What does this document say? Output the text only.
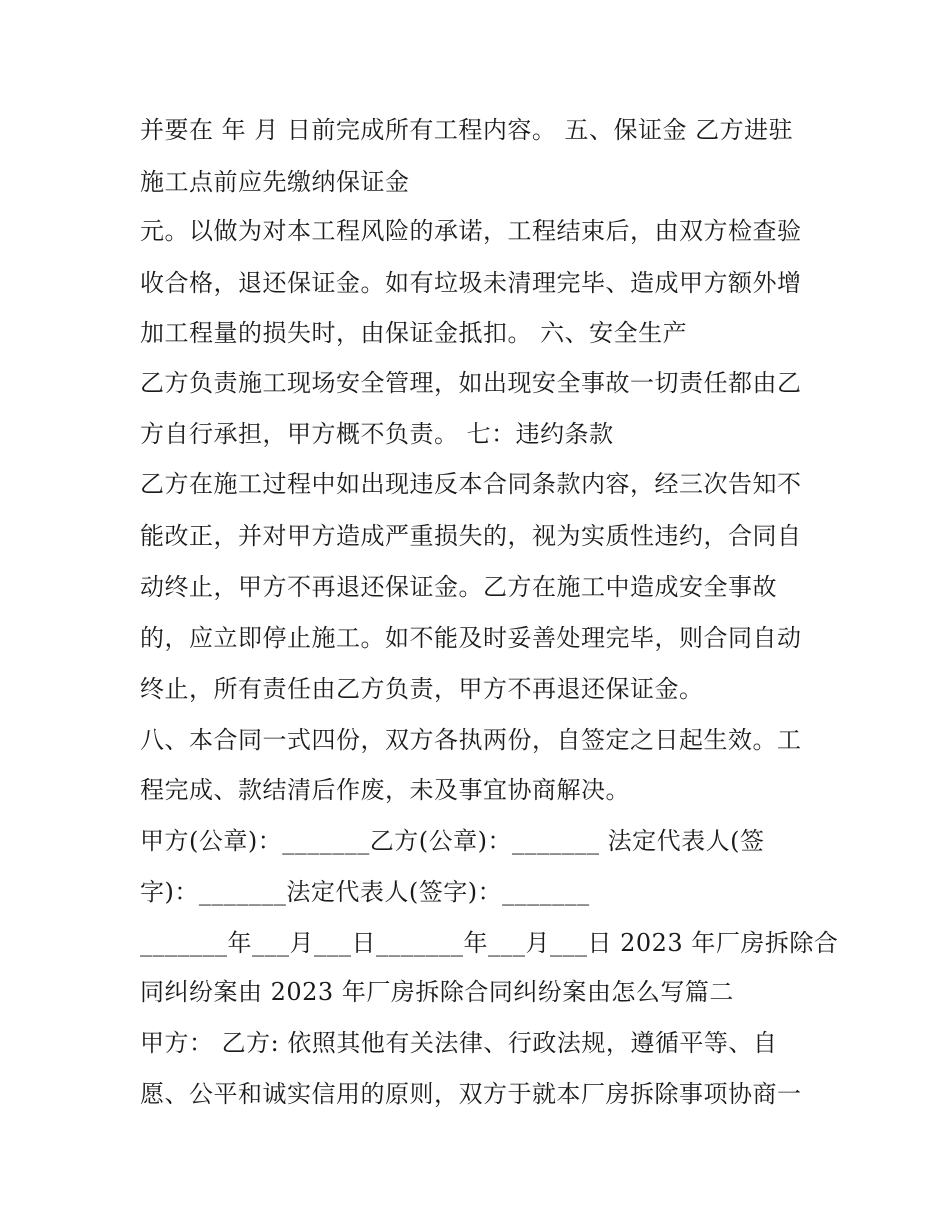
并要在 年 月 日前完成所有工程内容。 五、保证金 乙方进驻
施工点前应先缴纳保证金
元。以做为对本工程风险的承诺，工程结束后，由双方检查验
收合格，退还保证金。如有垃圾未清理完毕、造成甲方额外增
加工程量的损失时，由保证金抵扣。 六、安全生产
乙方负责施工现场安全管理，如出现安全事故一切责任都由乙
方自行承担，甲方概不负责。 七：违约条款
乙方在施工过程中如出现违反本合同条款内容，经三次告知不
能改正，并对甲方造成严重损失的，视为实质性违约，合同自
动终止，甲方不再退还保证金。乙方在施工中造成安全事故
的，应立即停止施工。如不能及时妥善处理完毕，则合同自动
终止，所有责任由乙方负责，甲方不再退还保证金。
八、本合同一式四份，双方各执两份，自签定之日起生效。工
程完成、款结清后作废，未及事宜协商解决。
甲方(公章)：_______乙方(公章)：_______ 法定代表人(签
字)：_______法定代表人(签字)：_______
_______年___月___日_______年___月___日 2023 年厂房拆除合
同纠纷案由 2023 年厂房拆除合同纠纷案由怎么写篇二
甲方： 乙方: 依照其他有关法律、行政法规，遵循平等、自
愿、公平和诚实信用的原则，双方于就本厂房拆除事项协商一
